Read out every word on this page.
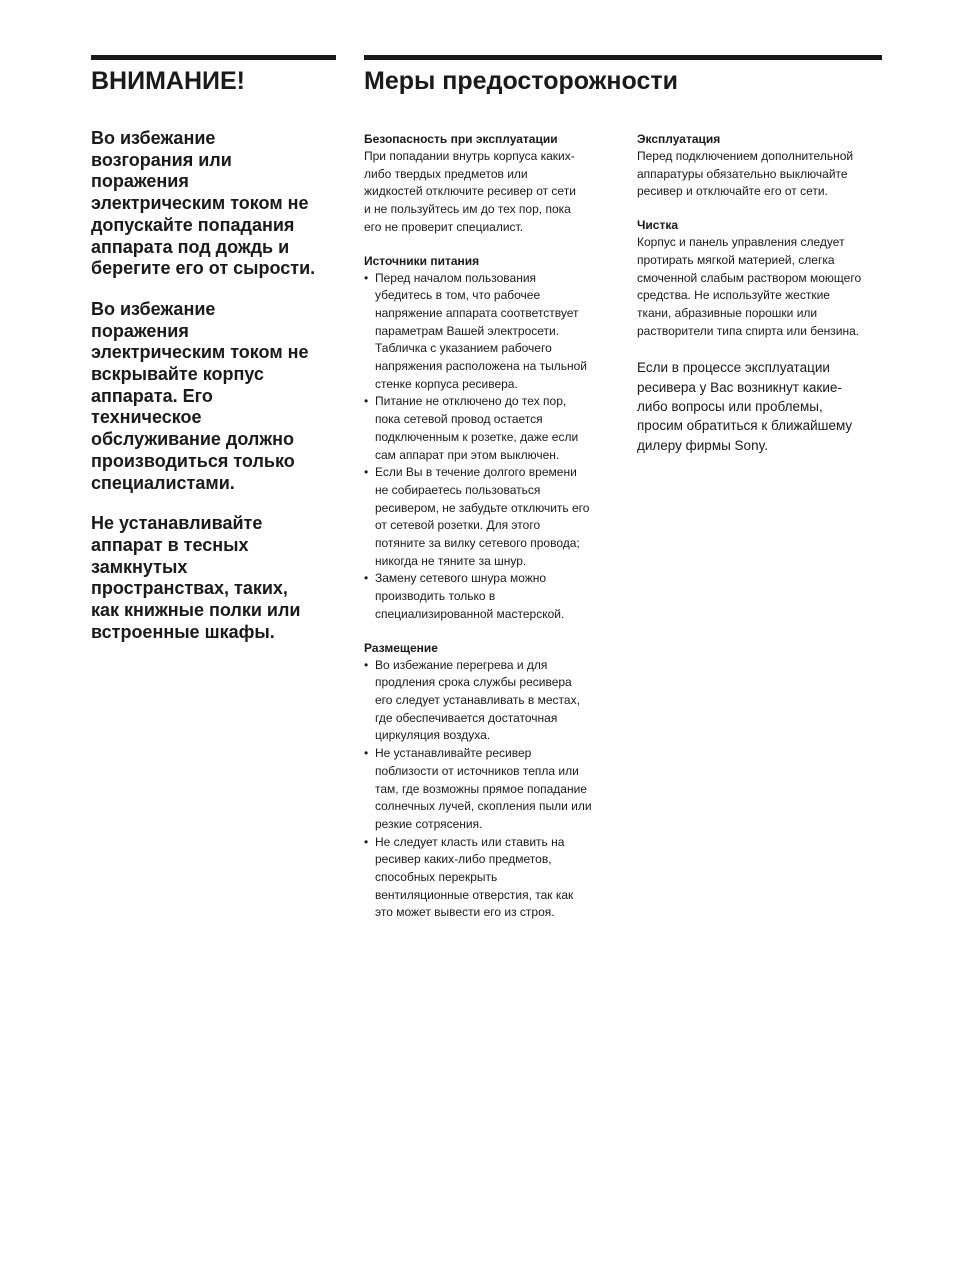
ВНИМАНИЕ!	Меры предосторожности

Во избежание
возгорания или
поражения
электрическим током не
допускайте попадания
аппарата под дождь и
берегите его от сырости.

Во избежание
поражения
электрическим током не
вскрывайте корпус
аппарата. Его
техническое
обслуживание должно
производиться только
специалистами.

Не устанавливайте
аппарат в тесных
замкнутых
пространствах, таких,
как книжные полки или
встроенные шкафы.

Безопасность при эксплуатации

При попадании внутрь корпуса каких-
либо твердых предметов или
жидкостей отключите ресивер от сети
и не пользуйтесь им до тех пор, пока
его не проверит специалист.

Источники питания
• Перед началом пользования
убедитесь в том, что рабочее
напряжение аппарата соответствует
параметрам Вашей электросети.
Табличка с указанием рабочего
напряжения расположена на тыльной
стенке корпуса ресивера.
• Питание не отключено до тех пор,
пока сетевой провод остается
подключенным к розетке, даже если
сам аппарат при этом выключен.
• Если Вы в течение долгого времени
не собираетесь пользоваться
ресивером, не забудьте отключить его
от сетевой розетки. Для этого
потяните за вилку сетевого провода;
никогда не тяните за шнур.
• Замену сетевого шнура можно
производить только в
специализированной мастерской.
Размещение
• Во избежание перегрева и для
продления срока службы ресивера
его следует устанавливать в местах,
где обеспечивается достаточная
циркуляция воздуха.
• Не устанавливайте ресивер
поблизости от источников тепла или
там, где возможны прямое попадание
солнечных лучей, скопления пыли или
резкие сотрясения.
• Не следует класть или ставить на
ресивер каких-либо предметов,
способных перекрыть
вентиляционные отверстия, так как
это может вывести его из строя.
Эксплуатация

Перед подключением дополнительной
аппаратуры обязательно выключайте
ресивер и отключайте его от сети.

Чистка

Корпус и панель управления следует
протирать мягкой материей, слегка
смоченной слабым раствором моющего
средства. Не используйте жесткие
ткани, абразивные порошки или
растворители типа спирта или бензина.

Если в процессе эксплуатации
ресивера у Вас возникнут какие-
либо вопросы или проблемы,
просим обратиться к ближайшему
дилеру фирмы Sony.
